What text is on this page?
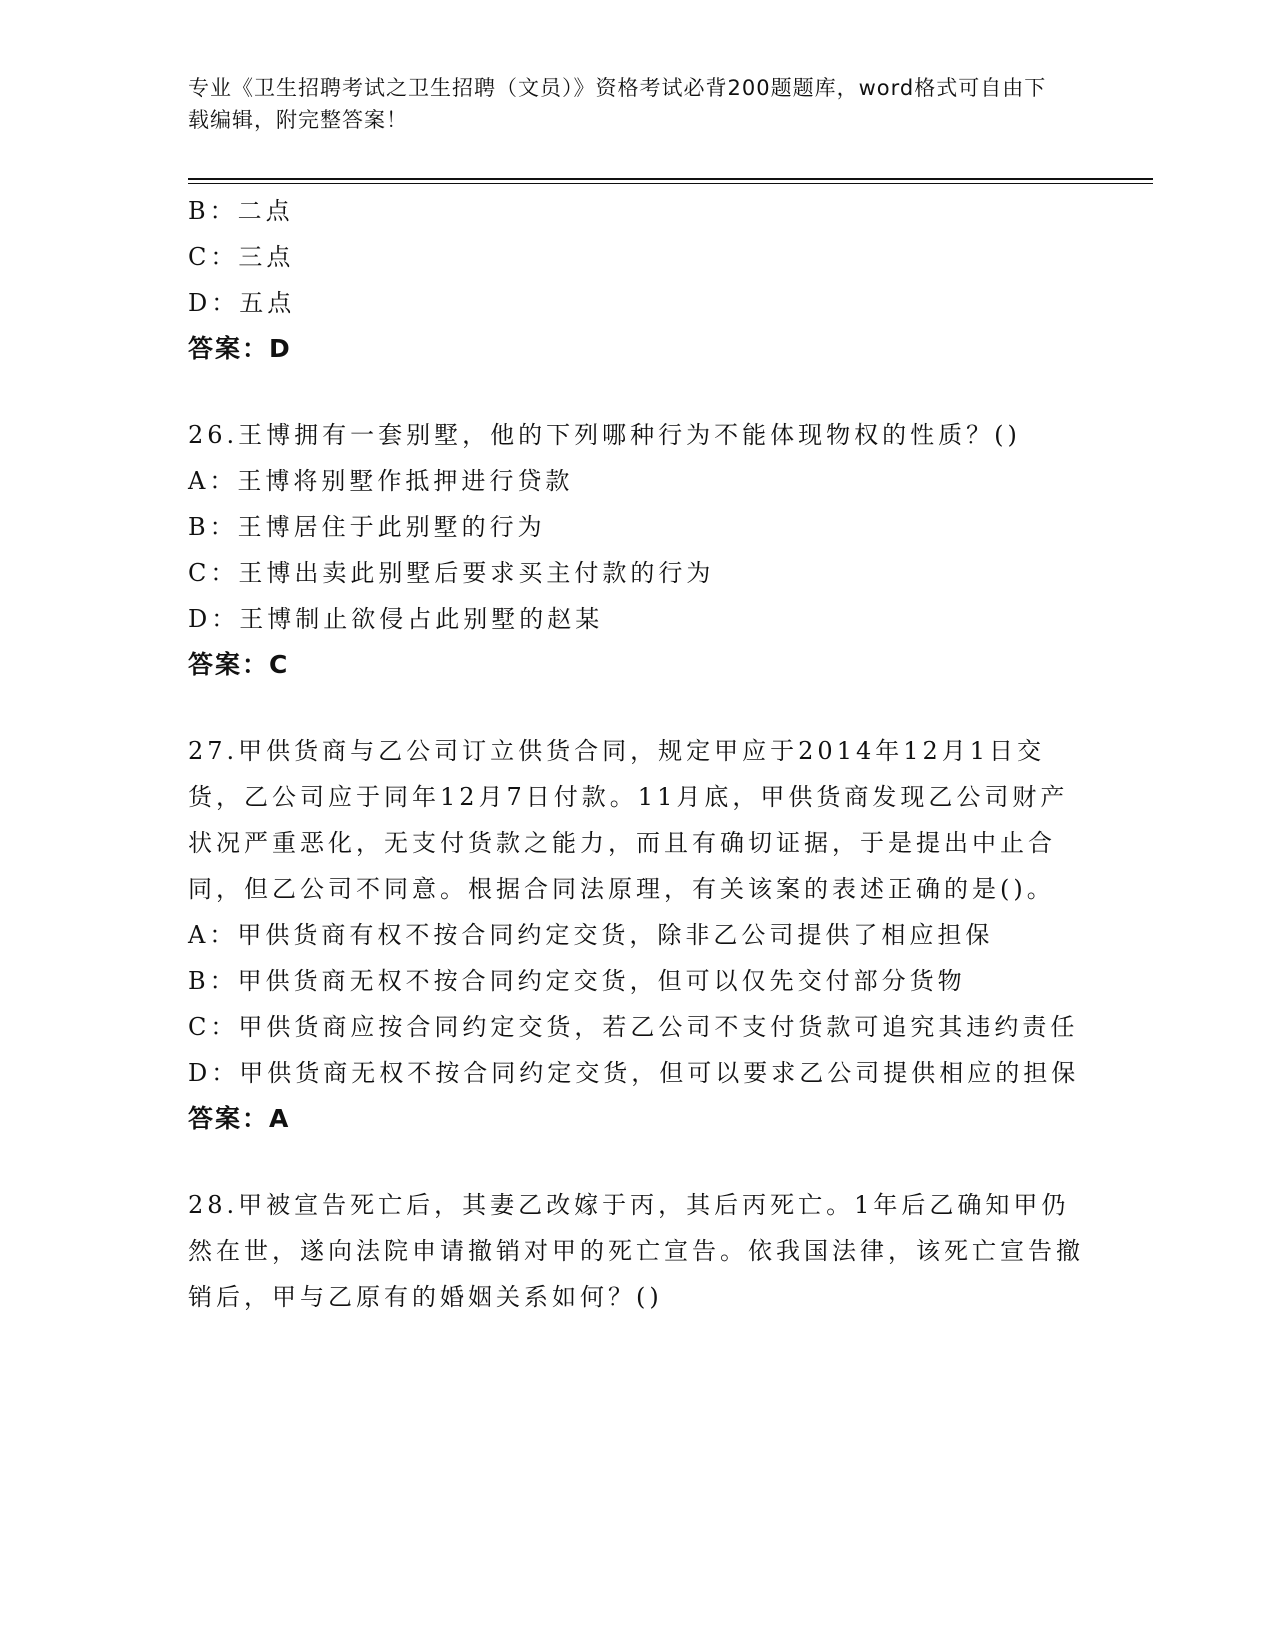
专业《卫生招聘考试之卫生招聘（文员）》资格考试必背200题题库，word格式可自由下载编辑，附完整答案！

B：二点

C：三点

D：五点

答案：D

26.王博拥有一套别墅，他的下列哪种行为不能体现物权的性质？()

A：王博将别墅作抵押进行贷款

B：王博居住于此别墅的行为

C：王博出卖此别墅后要求买主付款的行为

D：王博制止欲侵占此别墅的赵某

答案：C

27.甲供货商与乙公司订立供货合同，规定甲应于2014年12月1日交货，乙公司应于同年12月7日付款。11月底，甲供货商发现乙公司财产状况严重恶化，无支付货款之能力，而且有确切证据，于是提出中止合同，但乙公司不同意。根据合同法原理，有关该案的表述正确的是()。

A：甲供货商有权不按合同约定交货，除非乙公司提供了相应担保

B：甲供货商无权不按合同约定交货，但可以仅先交付部分货物

C：甲供货商应按合同约定交货，若乙公司不支付货款可追究其违约责任

D：甲供货商无权不按合同约定交货，但可以要求乙公司提供相应的担保

答案：A

28.甲被宣告死亡后，其妻乙改嫁于丙，其后丙死亡。1年后乙确知甲仍然在世，遂向法院申请撤销对甲的死亡宣告。依我国法律，该死亡宣告撤销后，甲与乙原有的婚姻关系如何？()
